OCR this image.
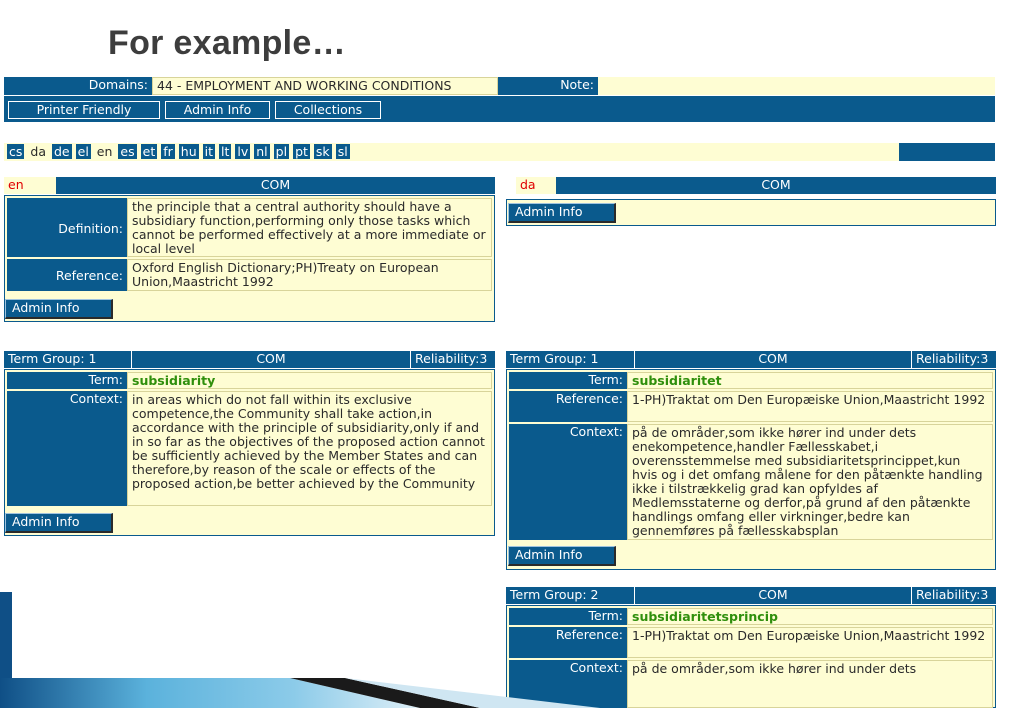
For example…
Domains: 44 - EMPLOYMENT AND WORKING CONDITIONS	Note:
Printer Friendly	Admin Info	Collections
cs da de el en es et fr hu it lt lv nl pl pt sk sl
en	COM
Definition:
the principle that a central authority should have a subsidiary function,performing only those tasks which cannot be performed effectively at a more immediate or local level
Reference:
Oxford English Dictionary;PH)Treaty on European Union,Maastricht 1992
Admin Info
da	COM
Admin Info
Term Group: 1	COM	Reliability:3
Term: subsidiarity
Context: in areas which do not fall within its exclusive competence,the Community shall take action,in accordance with the principle of subsidiarity,only if and in so far as the objectives of the proposed action cannot be sufficiently achieved by the Member States and can therefore,by reason of the scale or effects of the proposed action,be better achieved by the Community
Admin Info
Term Group: 1	COM	Reliability:3
Term: subsidiaritet
Reference: 1-PH)Traktat om Den Europæiske Union,Maastricht 1992
Context: på de områder,som ikke hører ind under dets enekompetence,handler Fællesskabet,i overensstemmelse med subsidiaritetsprincippet,kun hvis og i det omfang målene for den påtænkte handling ikke i tilstrækkelig grad kan opfyldes af Medlemsstaterne og derfor,på grund af den påtænkte handlings omfang eller virkninger,bedre kan gennemføres på fællesskabsplan
Admin Info
Term Group: 2	COM	Reliability:3
Term: subsidiaritetsprincip
Reference: 1-PH)Traktat om Den Europæiske Union,Maastricht 1992
Context: på de områder,som ikke hører ind under dets
